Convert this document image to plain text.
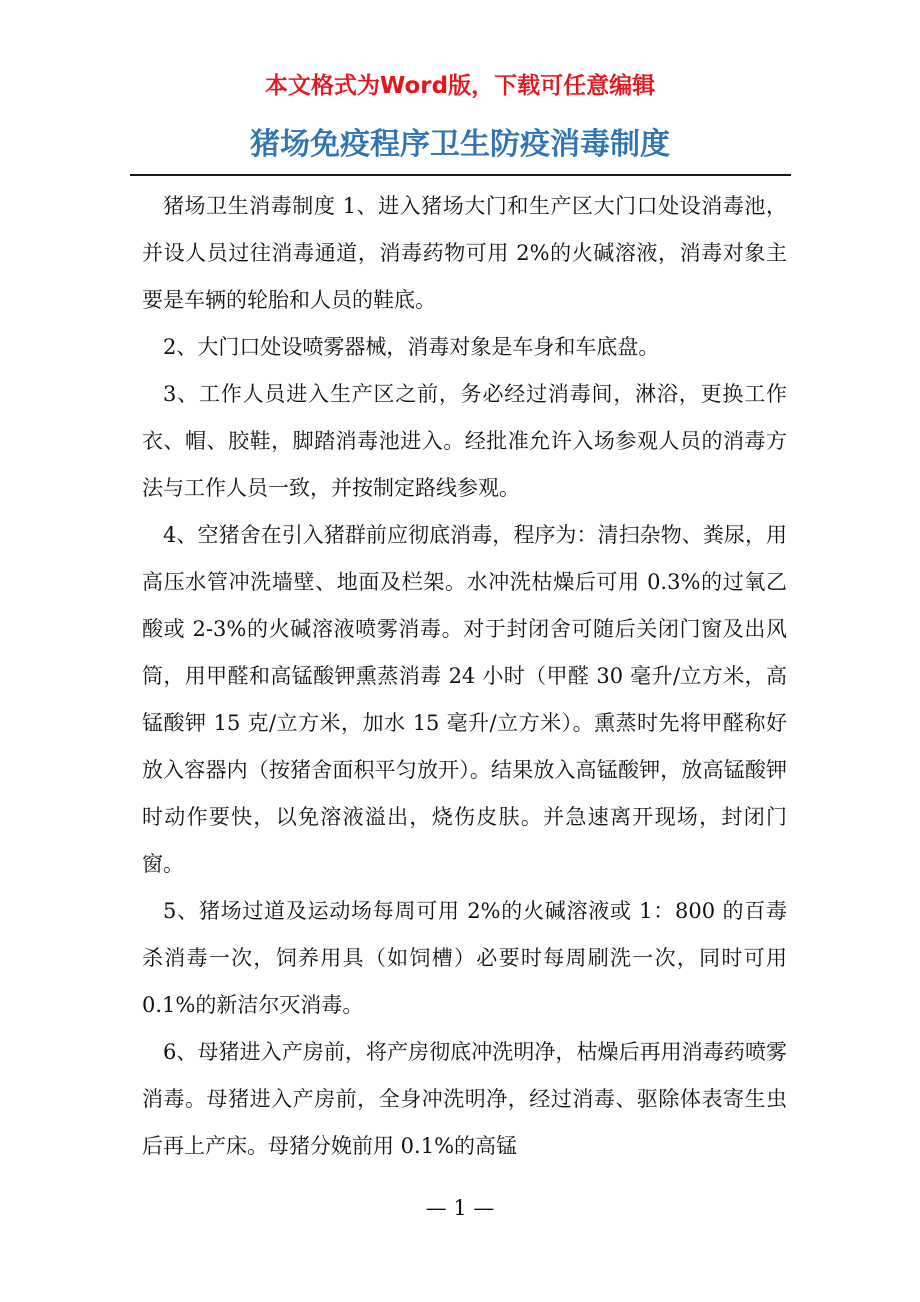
本文格式为Word版，下载可任意编辑
猪场免疫程序卫生防疫消毒制度

猪场卫生消毒制度 1、进入猪场大门和生产区大门口处设消毒池，并设人员过往消毒通道，消毒药物可用 2%的火碱溶液，消毒对象主要是车辆的轮胎和人员的鞋底。

2、大门口处设喷雾器械，消毒对象是车身和车底盘。

3、工作人员进入生产区之前，务必经过消毒间，淋浴，更换工作衣、帽、胶鞋，脚踏消毒池进入。经批准允许入场参观人员的消毒方法与工作人员一致，并按制定路线参观。

4、空猪舍在引入猪群前应彻底消毒，程序为：清扫杂物、粪尿，用高压水管冲洗墙壁、地面及栏架。水冲洗枯燥后可用 0.3%的过氧乙酸或 2-3%的火碱溶液喷雾消毒。对于封闭舍可随后关闭门窗及出风筒，用甲醛和高锰酸钾熏蒸消毒 24 小时（甲醛 30 毫升/立方米，高锰酸钾 15 克/立方米，加水 15 毫升/立方米）。熏蒸时先将甲醛称好放入容器内（按猪舍面积平匀放开）。结果放入高锰酸钾，放高锰酸钾时动作要快，以免溶液溢出，烧伤皮肤。并急速离开现场，封闭门窗。

5、猪场过道及运动场每周可用 2%的火碱溶液或 1：800 的百毒杀消毒一次，饲养用具（如饲槽）必要时每周刷洗一次，同时可用 0.1%的新洁尔灭消毒。

6、母猪进入产房前，将产房彻底冲洗明净，枯燥后再用消毒药喷雾消毒。母猪进入产房前，全身冲洗明净，经过消毒、驱除体表寄生虫后再上产床。母猪分娩前用 0.1%的高锰

— 1 —
